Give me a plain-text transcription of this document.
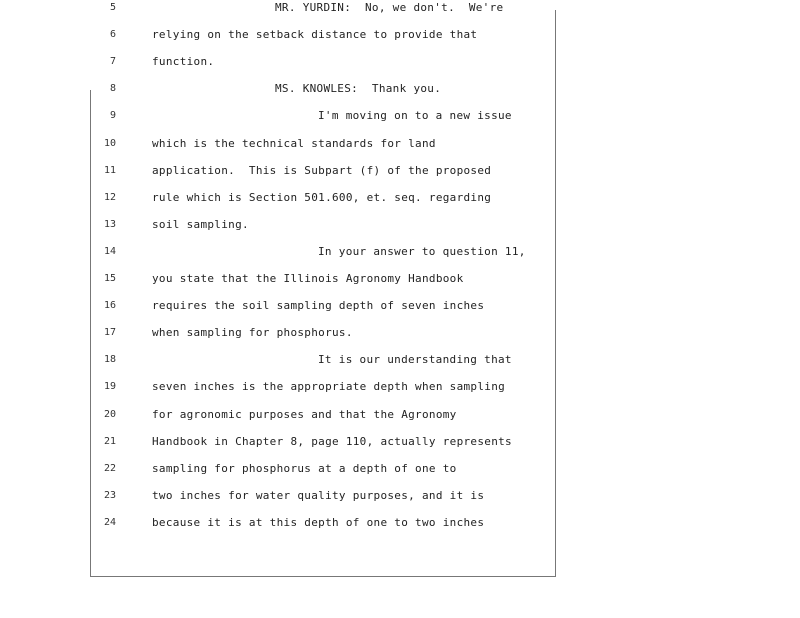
5	MR. YURDIN:  No, we don't.  We're
6	relying on the setback distance to provide that
7	function.
8	MS. KNOWLES:  Thank you.
9	I'm moving on to a new issue
10	which is the technical standards for land
11	application.  This is Subpart (f) of the proposed
12	rule which is Section 501.600, et. seq. regarding
13	soil sampling.
14	In your answer to question 11,
15	you state that the Illinois Agronomy Handbook
16	requires the soil sampling depth of seven inches
17	when sampling for phosphorus.
18	It is our understanding that
19	seven inches is the appropriate depth when sampling
20	for agronomic purposes and that the Agronomy
21	Handbook in Chapter 8, page 110, actually represents
22	sampling for phosphorus at a depth of one to
23	two inches for water quality purposes, and it is
24	because it is at this depth of one to two inches
